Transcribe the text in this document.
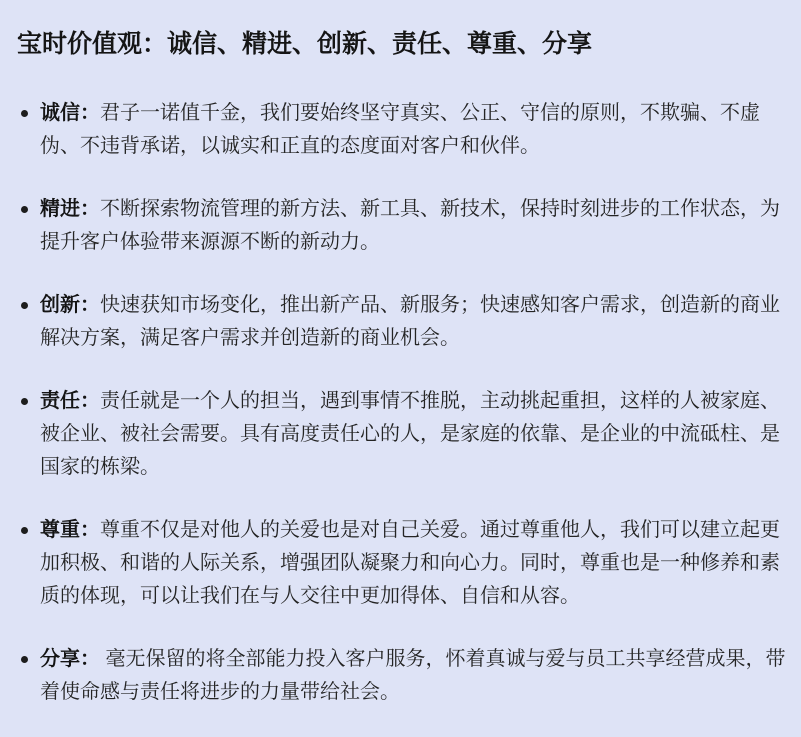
宝时价值观：诚信、精进、创新、责任、尊重、分享
诚信：君子一诺值千金，我们要始终坚守真实、公正、守信的原则，不欺骗、不虚伪、不违背承诺，以诚实和正直的态度面对客户和伙伴。
精进：不断探索物流管理的新方法、新工具、新技术，保持时刻进步的工作状态，为提升客户体验带来源源不断的新动力。
创新：快速获知市场变化，推出新产品、新服务；快速感知客户需求，创造新的商业解决方案，满足客户需求并创造新的商业机会。
责任：责任就是一个人的担当，遇到事情不推脱，主动挑起重担，这样的人被家庭、被企业、被社会需要。具有高度责任心的人，是家庭的依靠、是企业的中流砥柱、是国家的栋梁。
尊重：尊重不仅是对他人的关爱也是对自己关爱。通过尊重他人，我们可以建立起更加积极、和谐的人际关系，增强团队凝聚力和向心力。同时，尊重也是一种修养和素质的体现，可以让我们在与人交往中更加得体、自信和从容。
分享： 毫无保留的将全部能力投入客户服务，怀着真诚与爱与员工共享经营成果，带着使命感与责任将进步的力量带给社会。
